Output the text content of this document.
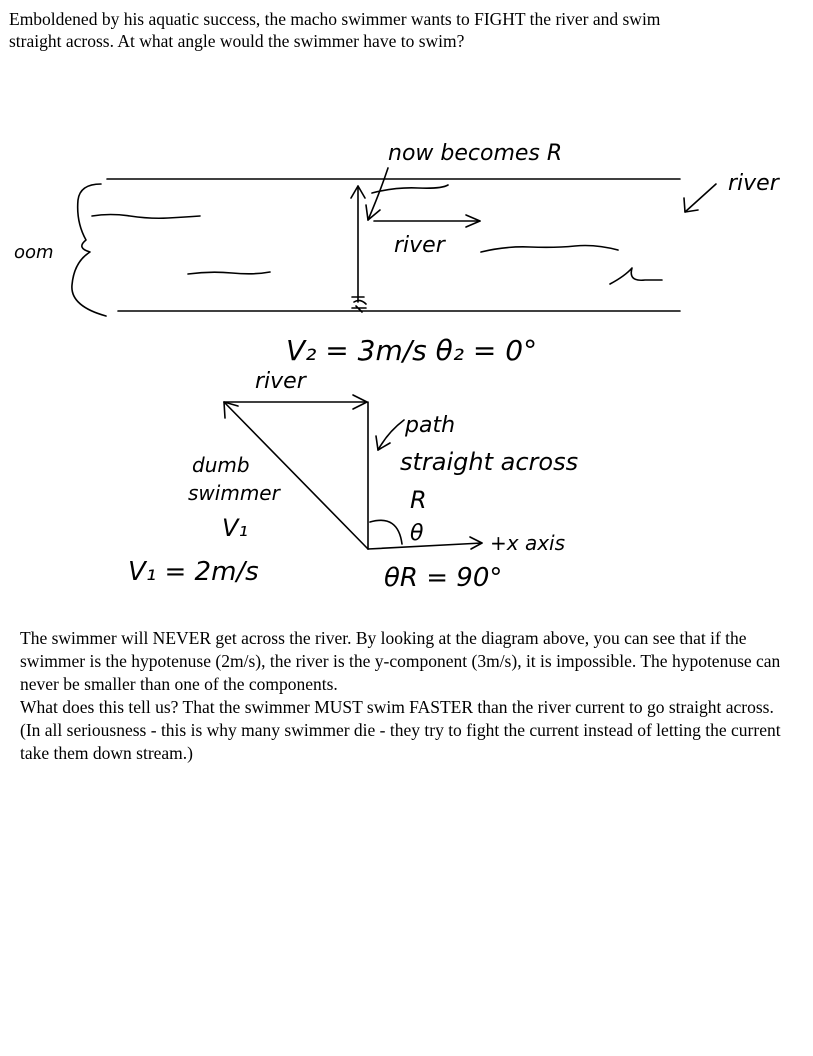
Emboldened by his aquatic success, the macho swimmer wants to FIGHT the river and swim
straight across. At what angle would the swimmer have to swim?
oom
river
now becomes R
river
V₂ = 3m/s θ₂ = 0°
river
+x axis
θ
path
straight across
R
dumb
swimmer
V₁
V₁ = 2m/s	θR = 90°

The swimmer will NEVER get across the river. By looking at the diagram above, you can see that if the swimmer is the hypotenuse (2m/s), the river is the y-component (3m/s), it is impossible. The hypotenuse can never be smaller than one of the components.

What does this tell us? That the swimmer MUST swim FASTER than the river current to go straight across. (In all seriousness - this is why many swimmer die - they try to fight the current instead of letting the current take them down stream.)
